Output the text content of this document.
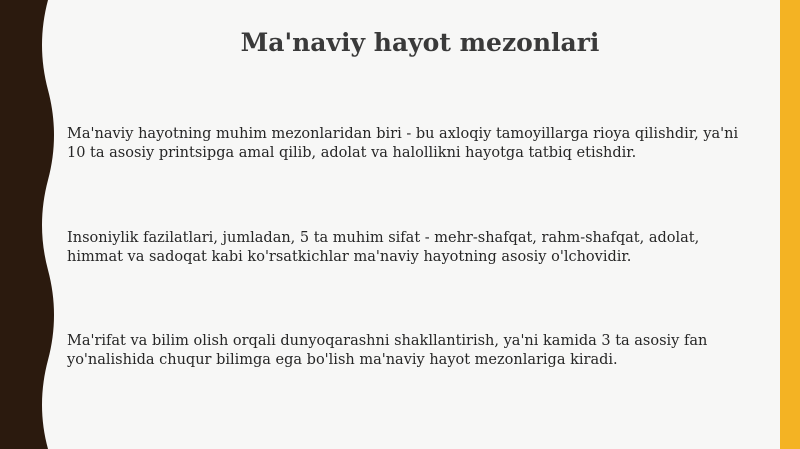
Ma'naviy hayot mezonlari

Ma'naviy hayotning muhim mezonlaridan biri - bu axloqiy tamoyillarga rioya qilishdir, ya'ni 10 ta asosiy printsipga amal qilib, adolat va halollikni hayotga tatbiq etishdir.

Insoniylik fazilatlari, jumladan, 5 ta muhim sifat - mehr-shafqat, rahm-shafqat, adolat, himmat va sadoqat kabi ko'rsatkichlar ma'naviy hayotning asosiy o'lchovidir.

Ma'rifat va bilim olish orqali dunyoqarashni shakllantirish, ya'ni kamida 3 ta asosiy fan yo'nalishida chuqur bilimga ega bo'lish ma'naviy hayot mezonlariga kiradi.
